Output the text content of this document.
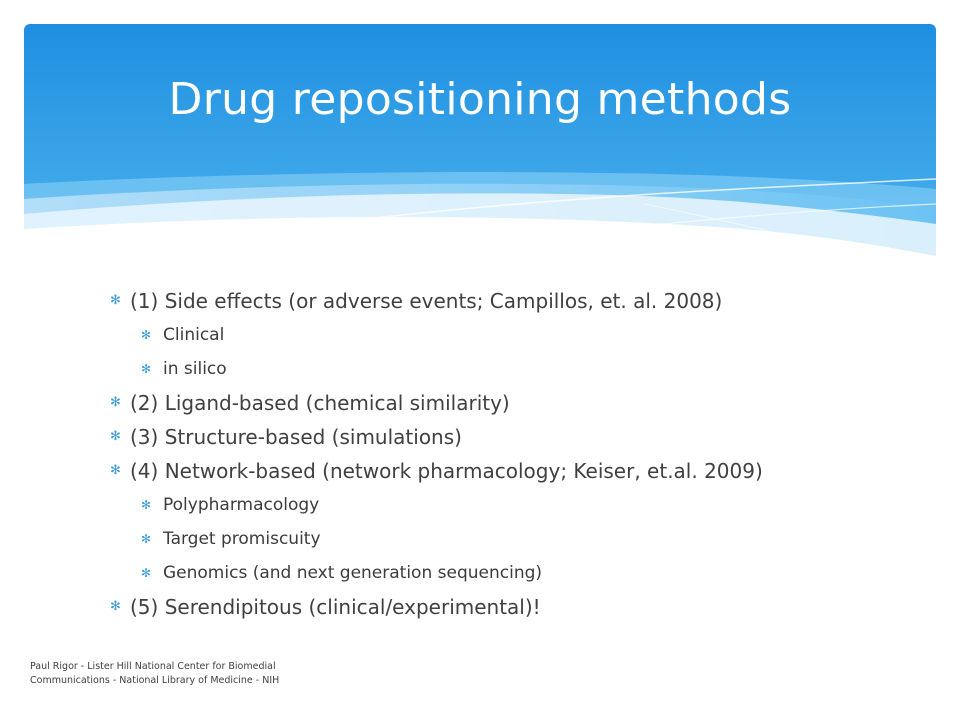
Drug repositioning methods
✻ (1) Side effects (or adverse events; Campillos, et. al. 2008)
✻ Clinical
✻ in silico
✻ (2) Ligand-based (chemical similarity)
✻ (3) Structure-based (simulations)
✻ (4) Network-based (network pharmacology; Keiser, et.al. 2009)
✻ Polypharmacology
✻ Target promiscuity
✻ Genomics (and next generation sequencing)
✻ (5) Serendipitous (clinical/experimental)!
Paul Rigor - Lister Hill National Center for Biomedial
Communications - National Library of Medicine - NIH
